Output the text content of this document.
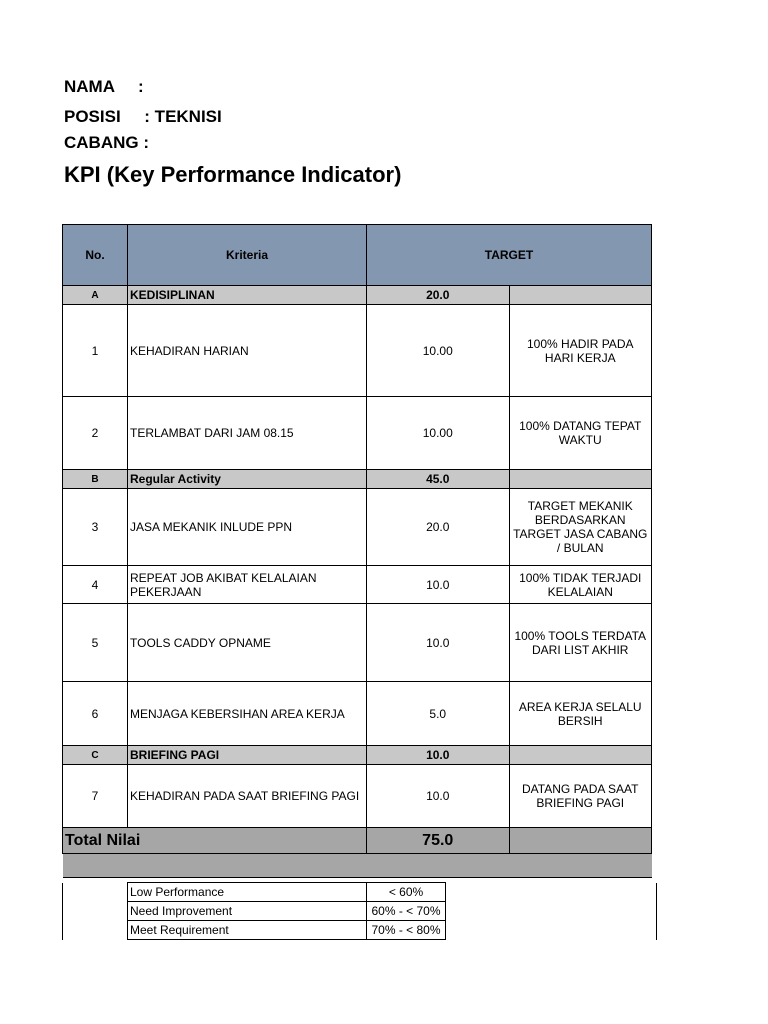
NAMA     :
POSISI     : TEKNISI
CABANG :
KPI (Key Performance Indicator)
No.	Kriteria	TARGET	
A	KEDISIPLINAN	20.0	
1	KEHADIRAN HARIAN	10.00	100% HADIR PADA HARI KERJA
2	TERLAMBAT DARI JAM 08.15	10.00	100% DATANG TEPAT WAKTU
B	Regular Activity	45.0	
3	JASA MEKANIK INLUDE PPN	20.0	TARGET MEKANIK BERDASARKAN TARGET JASA CABANG / BULAN
4	REPEAT JOB AKIBAT KELALAIAN PEKERJAAN	10.0	100% TIDAK TERJADI KELALAIAN
5	TOOLS CADDY OPNAME	10.0	100% TOOLS TERDATA DARI LIST AKHIR
6	MENJAGA KEBERSIHAN AREA KERJA	5.0	AREA KERJA SELALU BERSIH
C	BRIEFING PAGI	10.0	
7	KEHADIRAN PADA SAAT BRIEFING PAGI	10.0	DATANG PADA SAAT BRIEFING PAGI
Total Nilai		75.0	

	Low Performance	< 60%	
	Need Improvement	60% - < 70%	
	Meet Requirement	70% - < 80%	
